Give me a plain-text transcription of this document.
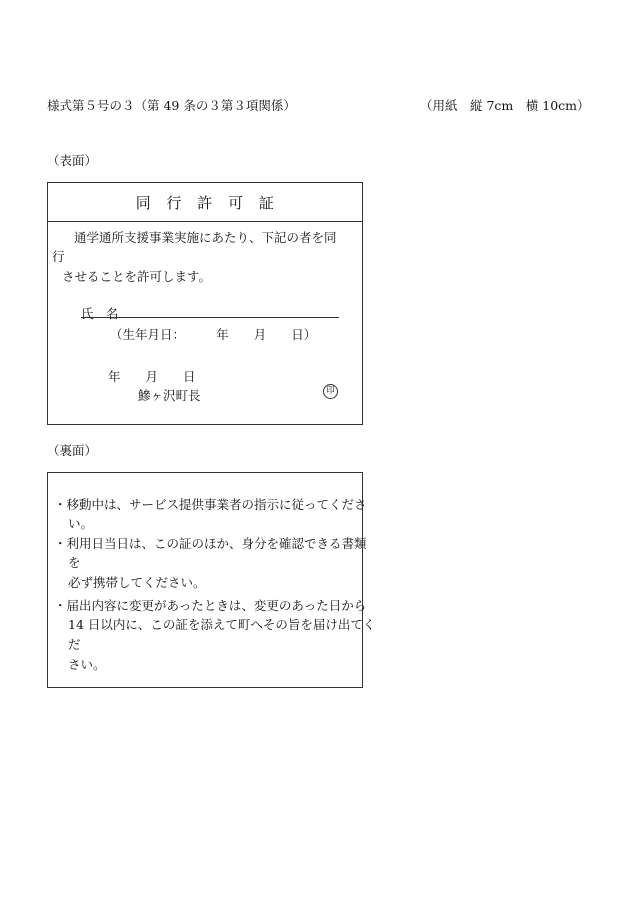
様式第５号の３（第 49 条の３第３項関係）	（用紙　縦 7cm　横 10cm）
（表面）
同　行　許　可　証
通学通所支援事業実施にあたり、下記の者を同
行
させることを許可します。
氏　名
（生年月日：　　　年　　月　　日）
年　　月　　日
鰺ヶ沢町長	印
（裏面）
・移動中は、サービス提供事業者の指示に従ってくださ
い。
・利用日当日は、この証のほか、身分を確認できる書類
を
必ず携帯してください。
・届出内容に変更があったときは、変更のあった日から
14 日以内に、この証を添えて町へその旨を届け出てく
だ
さい。
